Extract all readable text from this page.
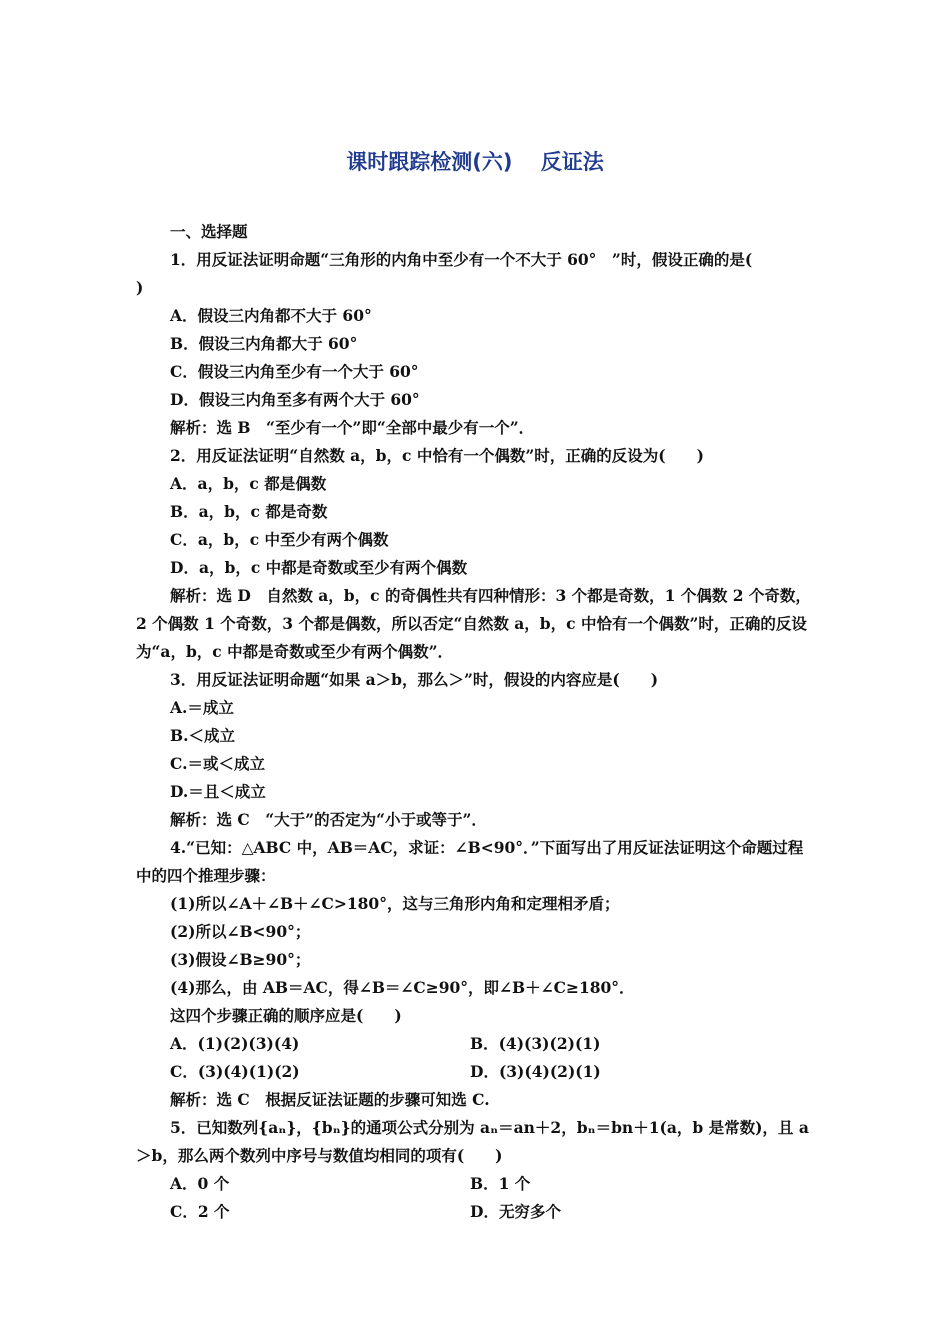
课时跟踪检测(六)　 反证法

一、选择题

1．用反证法证明命题“三角形的内角中至少有一个不大于 60°　”时，假设正确的是(

)

A．假设三内角都不大于 60°

B．假设三内角都大于 60°

C．假设三内角至少有一个大于 60°

D．假设三内角至多有两个大于 60°

解析：选 B　“至少有一个”即“全部中最少有一个”．

2．用反证法证明“自然数 a，b，c 中恰有一个偶数”时，正确的反设为(　　)

A．a，b，c 都是偶数

B．a，b，c 都是奇数

C．a，b，c 中至少有两个偶数

D．a，b，c 中都是奇数或至少有两个偶数

解析：选 D　自然数 a，b，c 的奇偶性共有四种情形：3 个都是奇数，1 个偶数 2 个奇数，2 个偶数 1 个奇数，3 个都是偶数，所以否定“自然数 a，b，c 中恰有一个偶数”时，正确的反设为“a，b，c 中都是奇数或至少有两个偶数”．

3．用反证法证明命题“如果 a＞b，那么＞”时，假设的内容应是(　　)

A.＝成立

B.＜成立

C.＝或＜成立

D.＝且＜成立

解析：选 C　“大于”的否定为“小于或等于”．

4.“已知：△ABC 中，AB＝AC，求证：∠B<90°．”下面写出了用反证法证明这个命题过程中的四个推理步骤：

(1)所以∠A＋∠B＋∠C>180°，这与三角形内角和定理相矛盾；

(2)所以∠B<90°；

(3)假设∠B≥90°；

(4)那么，由 AB＝AC，得∠B＝∠C≥90°，即∠B＋∠C≥180°．

这四个步骤正确的顺序应是(　　)

A．(1)(2)(3)(4)	B．(4)(3)(2)(1)
C．(3)(4)(1)(2)	D．(3)(4)(2)(1)

解析：选 C　根据反证法证题的步骤可知选 C.

5．已知数列{aₙ}，{bₙ}的通项公式分别为 aₙ＝an＋2，bₙ＝bn＋1(a，b 是常数)，且 a＞b，那么两个数列中序号与数值均相同的项有(　　)

A．0 个	B．1 个
C．2 个	D．无穷多个
